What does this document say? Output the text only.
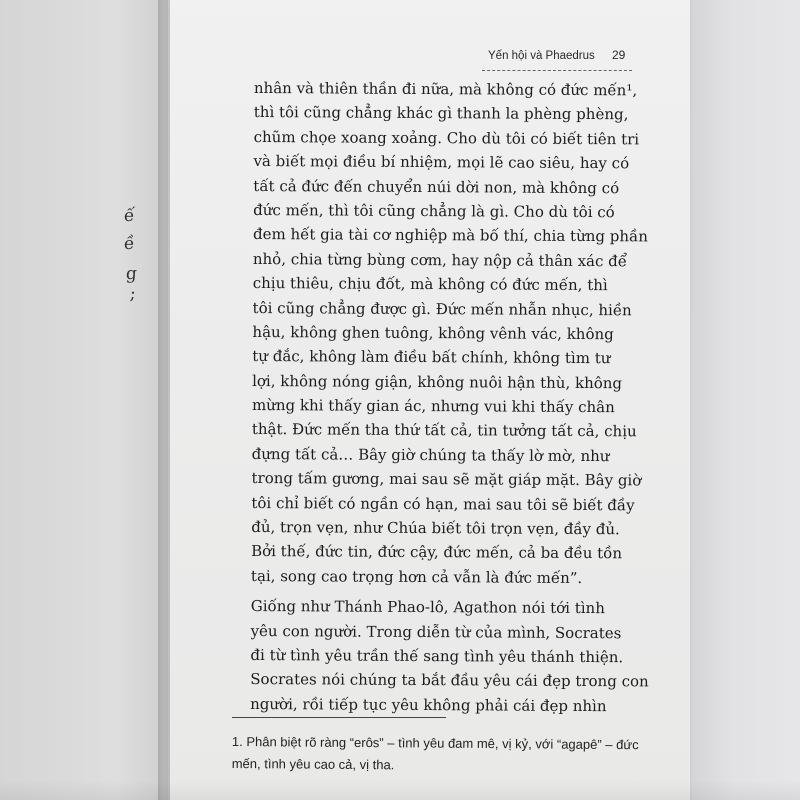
ế
ề
g
;
Yến hội và Phaedrus 29
nhân và thiên thần đi nữa, mà không có đức mến¹,
thì tôi cũng chẳng khác gì thanh la phèng phèng,
chũm chọe xoang xoảng. Cho dù tôi có biết tiên tri
và biết mọi điều bí nhiệm, mọi lẽ cao siêu, hay có
tất cả đức đến chuyển núi dời non, mà không có
đức mến, thì tôi cũng chẳng là gì. Cho dù tôi có
đem hết gia tài cơ nghiệp mà bố thí, chia từng phần
nhỏ, chia từng bùng cơm, hay nộp cả thân xác để
chịu thiêu, chịu đốt, mà không có đức mến, thì
tôi cũng chẳng được gì. Đức mến nhẫn nhục, hiền
hậu, không ghen tuông, không vênh vác, không
tự đắc, không làm điều bất chính, không tìm tư
lợi, không nóng giận, không nuôi hận thù, không
mừng khi thấy gian ác, nhưng vui khi thấy chân
thật. Đức mến tha thứ tất cả, tin tưởng tất cả, chịu
đựng tất cả… Bây giờ chúng ta thấy lờ mờ, như
trong tấm gương, mai sau sẽ mặt giáp mặt. Bây giờ
tôi chỉ biết có ngần có hạn, mai sau tôi sẽ biết đầy
đủ, trọn vẹn, như Chúa biết tôi trọn vẹn, đầy đủ.
Bởi thế, đức tin, đức cậy, đức mến, cả ba đều tồn
tại, song cao trọng hơn cả vẫn là đức mến”.
Giống như Thánh Phao-lô, Agathon nói tới tình
yêu con người. Trong diễn từ của mình, Socrates
đi từ tình yêu trần thế sang tình yêu thánh thiện.
Socrates nói chúng ta bắt đầu yêu cái đẹp trong con
người, rồi tiếp tục yêu không phải cái đẹp nhìn
1. Phân biệt rõ ràng “erôs” – tình yêu đam mê, vị kỷ, với “agapê” – đức
mến, tình yêu cao cả, vị tha.
